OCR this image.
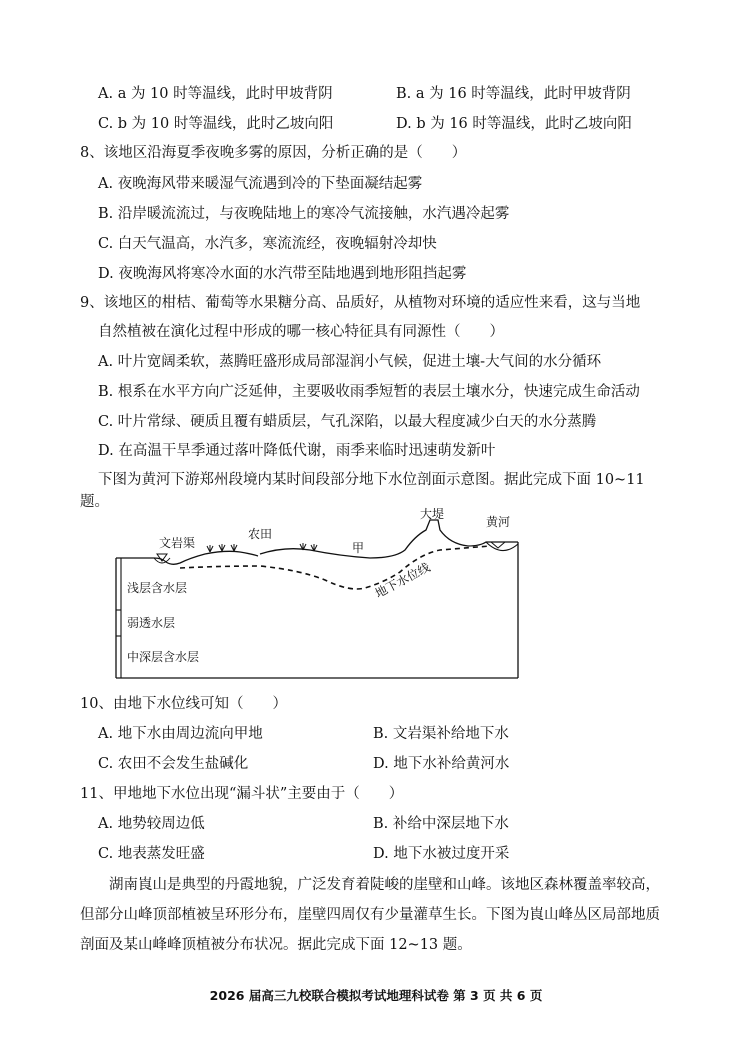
A. a 为 10 时等温线，此时甲坡背阴	B. a 为 16 时等温线，此时甲坡背阴
C. b 为 10 时等温线，此时乙坡向阳	D. b 为 16 时等温线，此时乙坡向阳
8、该地区沿海夏季夜晚多雾的原因，分析正确的是（　　）
A. 夜晚海风带来暖湿气流遇到冷的下垫面凝结起雾
B. 沿岸暖流流过，与夜晚陆地上的寒冷气流接触，水汽遇冷起雾
C. 白天气温高，水汽多，寒流流经，夜晚辐射冷却快
D. 夜晚海风将寒冷水面的水汽带至陆地遇到地形阻挡起雾
9、该地区的柑桔、葡萄等水果糖分高、品质好，从植物对环境的适应性来看，这与当地
自然植被在演化过程中形成的哪一核心特征具有同源性（　　）
A. 叶片宽阔柔软，蒸腾旺盛形成局部湿润小气候，促进土壤-大气间的水分循环
B. 根系在水平方向广泛延伸，主要吸收雨季短暂的表层土壤水分，快速完成生命活动
C. 叶片常绿、硬质且覆有蜡质层，气孔深陷，以最大程度减少白天的水分蒸腾
D. 在高温干旱季通过落叶降低代谢，雨季来临时迅速萌发新叶
下图为黄河下游郑州段境内某时间段部分地下水位剖面示意图。据此完成下面 10~11
题。
文岩渠
农田
甲
大堤
黄河
地下水位线
浅层含水层
弱透水层
中深层含水层
10、由地下水位线可知（　　）
A. 地下水由周边流向甲地	B. 文岩渠补给地下水
C. 农田不会发生盐碱化	D. 地下水补给黄河水
11、甲地地下水位出现“漏斗状”主要由于（　　）
A. 地势较周边低	B. 补给中深层地下水
C. 地表蒸发旺盛	D. 地下水被过度开采
湖南崀山是典型的丹霞地貌，广泛发育着陡峻的崖壁和山峰。该地区森林覆盖率较高，但部分山峰顶部植被呈环形分布，崖壁四周仅有少量灌草生长。下图为崀山峰丛区局部地质剖面及某山峰峰顶植被分布状况。据此完成下面 12~13 题。
2026 届高三九校联合模拟考试地理科试卷 第 3 页 共 6 页
